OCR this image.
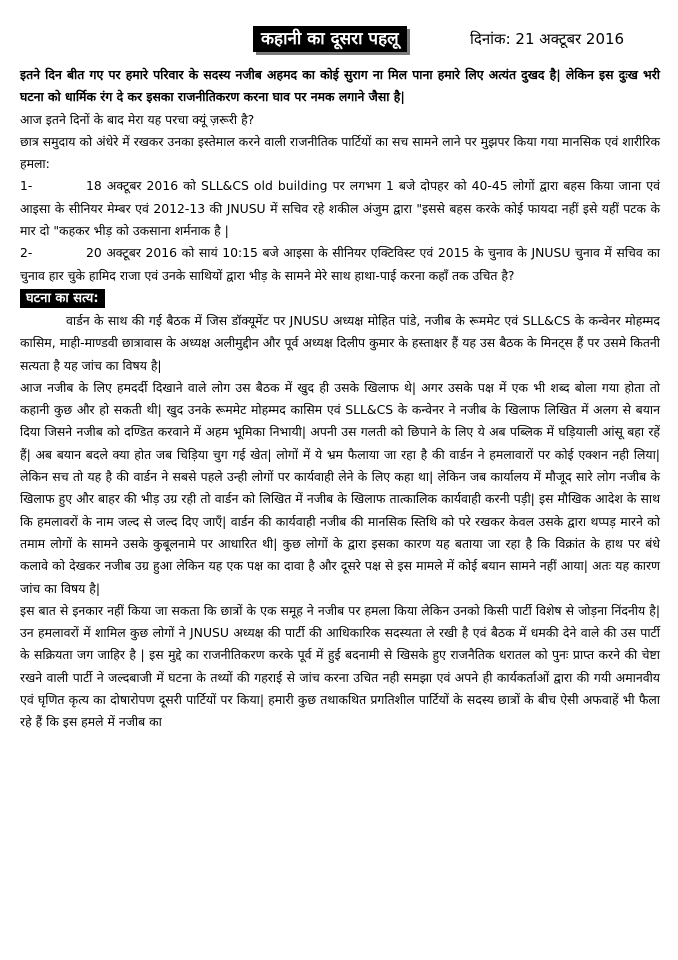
कहानी का दूसरा पहलू	दिनांक: 21 अक्टूबर 2016

इतने दिन बीत गए पर हमारे परिवार के सदस्य नजीब अहमद का कोई सुराग ना मिल पाना हमारे लिए अत्यंत दुखद है| लेकिन इस दुःख भरी घटना को धार्मिक रंग दे कर इसका राजनीतिकरण करना घाव पर नमक लगाने जैसा है|

आज इतने दिनों के बाद मेरा यह परचा क्यूं ज़रूरी है?

छात्र समुदाय को अंधेरे में रखकर उनका इस्तेमाल करने वाली राजनीतिक पार्टियों का सच सामने लाने पर मुझपर किया गया मानसिक एवं शारीरिक हमला:

1-	18 अक्टूबर 2016 को SLL&CS old building पर लगभग 1 बजे दोपहर को 40-45 लोगों द्वारा बहस किया जाना एवं आइसा के सीनियर मेम्बर एवं 2012-13 की JNUSU में सचिव रहे शकील अंजुम द्वारा "इससे बहस करके कोई फायदा नहीं इसे यहीं पटक के मार दो "कहकर भीड़ को उकसाना शर्मनाक है |

2-	20 अक्टूबर 2016 को सायं 10:15 बजे आइसा के सीनियर एक्टिविस्ट एवं 2015 के चुनाव के JNUSU चुनाव में सचिव का चुनाव हार चुके हामिद राजा एवं उनके साथियों द्वारा भीड़ के सामने मेरे साथ हाथा-पाई करना कहाँ तक उचित है?

घटना का सत्य:

वार्डन के साथ की गई बैठक में जिस डॉक्यूमेंट पर JNUSU अध्यक्ष मोहित पांडे, नजीब के रूममेट एवं SLL&CS के कन्वेनर मोहम्मद कासिम, माही-माण्डवी छात्रावास के अध्यक्ष अलीमुद्दीन और पूर्व अध्यक्ष दिलीप कुमार के हस्ताक्षर हैं यह उस बैठक के मिनट्स हैं पर उसमे कितनी सत्यता है यह जांच का विषय है|

आज नजीब के लिए हमदर्दी दिखाने वाले लोग उस बैठक में खुद ही उसके खिलाफ थे| अगर उसके पक्ष में एक भी शब्द बोला गया होता तो कहानी कुछ और हो सकती थी| खुद उनके रूममेट मोहम्मद कासिम एवं SLL&CS के कन्वेनर ने नजीब के खिलाफ लिखित में अलग से बयान दिया जिसने नजीब को दण्डित करवाने में अहम भूमिका निभायी| अपनी उस गलती को छिपाने के लिए ये अब पब्लिक में घड़ियाली आंसू बहा रहें हैं| अब बयान बदले क्या होत जब चिड़िया चुग गई खेत| लोगों में ये भ्रम फैलाया जा रहा है की वार्डन ने हमलावारों पर कोई एक्शन नही लिया| लेकिन सच तो यह है की वार्डन ने सबसे पहले उन्ही लोगों पर कार्यवाही लेने के लिए कहा था| लेकिन जब कार्यालय में मौजूद सारे लोग नजीब के खिलाफ हुए और बाहर की भीड़ उग्र रही तो वार्डन को लिखित में नजीब के खिलाफ तात्कालिक कार्यवाही करनी पड़ी| इस मौखिक आदेश के साथ कि हमलावरों के नाम जल्द से जल्द दिए जाएँ| वार्डन की कार्यवाही नजीब की मानसिक स्तिथि को परे रखकर केवल उसके द्वारा थप्पड़ मारने को तमाम लोगों के सामने उसके कुबूलनामे पर आधारित थी| कुछ लोगों के द्वारा इसका कारण यह बताया जा रहा है कि विक्रांत के हाथ पर बंधे कलावे को देखकर नजीब उग्र हुआ लेकिन यह एक पक्ष का दावा है और दूसरे पक्ष से इस मामले में कोई बयान सामने नहीं आया| अतः यह कारण जांच का विषय है|

इस बात से इनकार नहीं किया जा सकता कि छात्रों के एक समूह ने नजीब पर हमला किया लेकिन उनको किसी पार्टी विशेष से जोड़ना निंदनीय है| उन हमलावरों में शामिल कुछ लोगों ने JNUSU अध्यक्ष की पार्टी की आधिकारिक सदस्यता ले रखी है एवं बैठक में धमकी देने वाले की उस पार्टी के सक्रियता जग जाहिर है | इस मुद्दे का राजनीतिकरण करके पूर्व में हुई बदनामी से खिसके हुए राजनैतिक धरातल को पुनः प्राप्त करने की चेष्टा रखने वाली पार्टी ने जल्दबाजी में घटना के तथ्यों की गहराई से जांच करना उचित नही समझा एवं अपने ही कार्यकर्ताओं द्वारा की गयी अमानवीय एवं घृणित कृत्य का दोषारोपण दूसरी पार्टियों पर किया| हमारी कुछ तथाकथित प्रगतिशील पार्टियों के सदस्य छात्रों के बीच ऐसी अफवाहें भी फैला रहे हैं कि इस हमले में नजीब का
